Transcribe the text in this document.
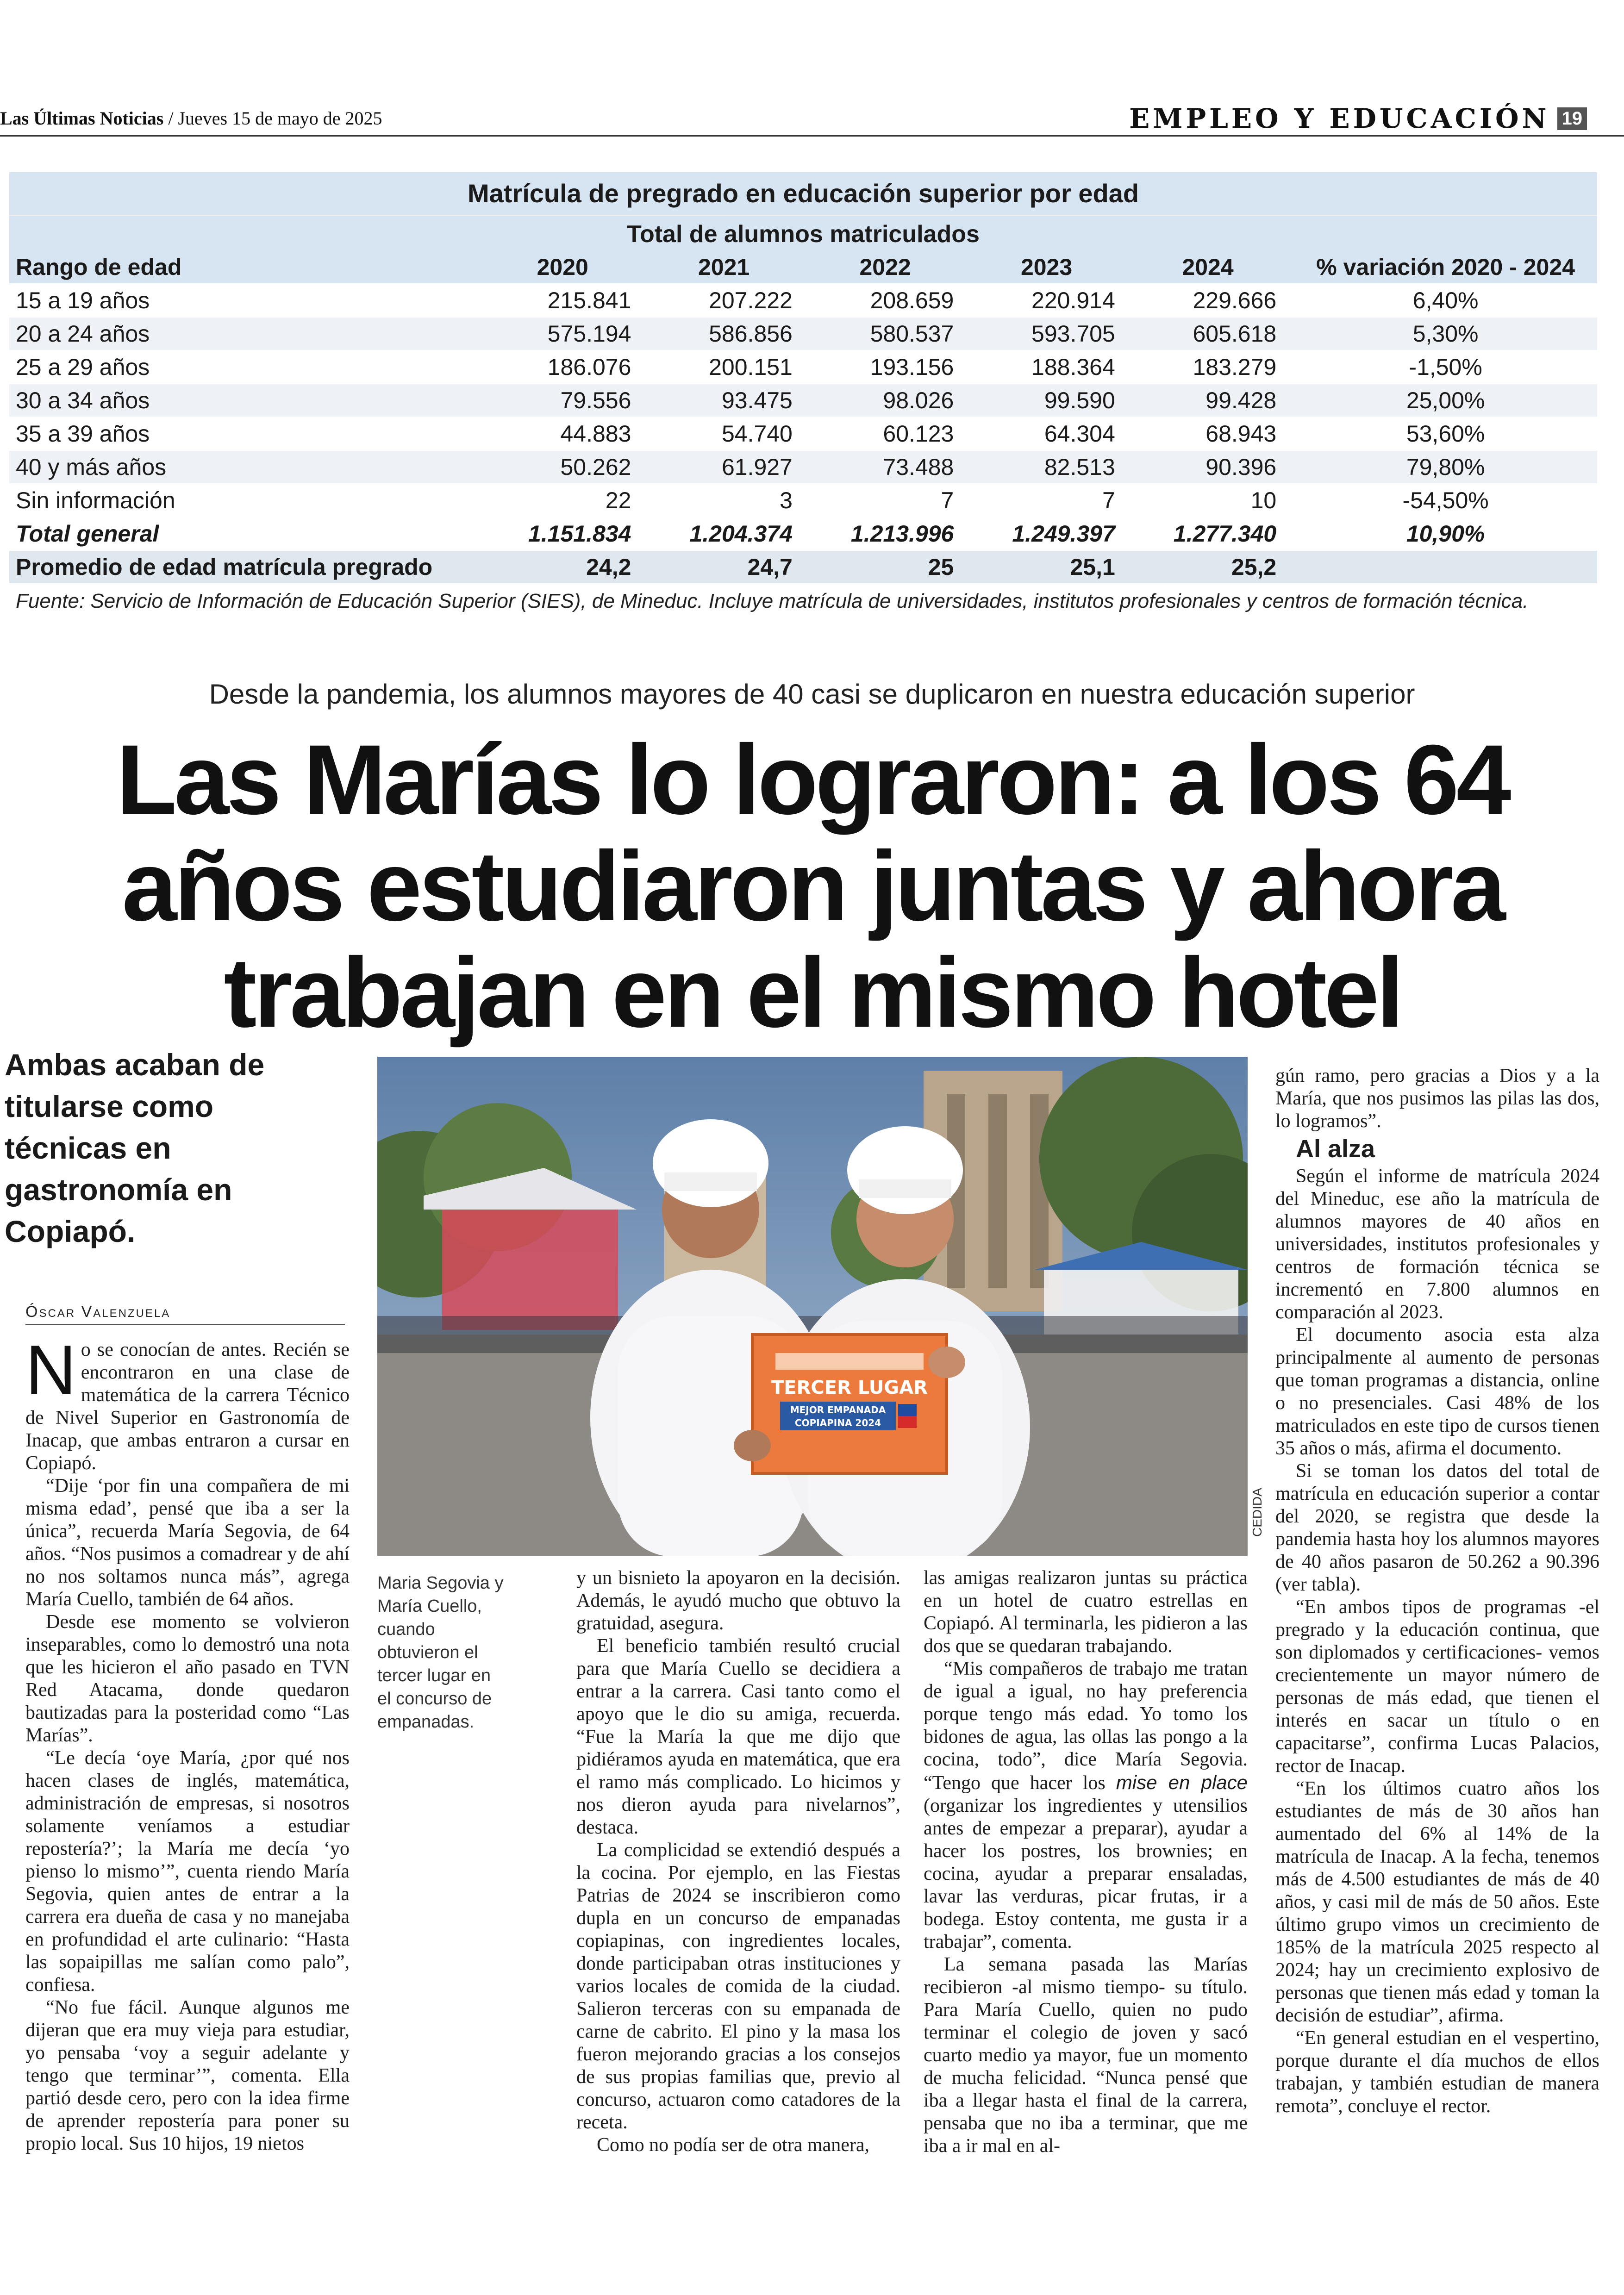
Las Últimas Noticias / Jueves 15 de mayo de 2025	EMPLEO Y EDUCACIÓN 19
Matrícula de pregrado en educación superior por edad
Total de alumnos matriculados
Rango de edad	2020	2021	2022	2023	2024	% variación 2020 - 2024
15 a 19 años	215.841	207.222	208.659	220.914	229.666	6,40%
20 a 24 años	575.194	586.856	580.537	593.705	605.618	5,30%
25 a 29 años	186.076	200.151	193.156	188.364	183.279	-1,50%
30 a 34 años	79.556	93.475	98.026	99.590	99.428	25,00%
35 a 39 años	44.883	54.740	60.123	64.304	68.943	53,60%
40 y más años	50.262	61.927	73.488	82.513	90.396	79,80%
Sin información	22	3	7	7	10	-54,50%
Total general	1.151.834	1.204.374	1.213.996	1.249.397	1.277.340	10,90%
Promedio de edad matrícula pregrado	24,2	24,7	25	25,1	25,2	
Fuente: Servicio de Información de Educación Superior (SIES), de Mineduc. Incluye matrícula de universidades, institutos profesionales y centros de formación técnica.
Desde la pandemia, los alumnos mayores de 40 casi se duplicaron en nuestra educación superior
Las Marías lo lograron: a los 64 años estudiaron juntas y ahora trabajan en el mismo hotel
Ambas acaban de titularse como técnicas en gastronomía en Copiapó.
Óscar Valenzuela
TERCER LUGAR
MEJOR EMPANADA
COPIAPINA 2024
CEDIDA
Maria Segovia y María Cuello, cuando obtuvieron el tercer lugar en el concurso de empanadas.

No se conocían de antes. Recién se encontraron en una clase de matemática de la carrera Técnico de Nivel Superior en Gastronomía de Inacap, que ambas entraron a cursar en Copiapó.

“Dije ‘por fin una compañera de mi misma edad’, pensé que iba a ser la única”, recuerda María Segovia, de 64 años. “Nos pusimos a comadrear y de ahí no nos soltamos nunca más”, agrega María Cuello, también de 64 años.

Desde ese momento se volvieron inseparables, como lo demostró una nota que les hicieron el año pasado en TVN Red Atacama, donde quedaron bautizadas para la posteridad como “Las Marías”.

“Le decía ‘oye María, ¿por qué nos hacen clases de inglés, matemática, administración de empresas, si nosotros solamente veníamos a estudiar repostería?’; la María me decía ‘yo pienso lo mismo’”, cuenta riendo María Segovia, quien antes de entrar a la carrera era dueña de casa y no manejaba en profundidad el arte culinario: “Hasta las sopaipillas me salían como palo”, confiesa.

“No fue fácil. Aunque algunos me dijeran que era muy vieja para estudiar, yo pensaba ‘voy a seguir adelante y tengo que terminar’”, comenta. Ella partió desde cero, pero con la idea firme de aprender repostería para poner su propio local. Sus 10 hijos, 19 nietos

y un bisnieto la apoyaron en la decisión. Además, le ayudó mucho que obtuvo la gratuidad, asegura.

El beneficio también resultó crucial para que María Cuello se decidiera a entrar a la carrera. Casi tanto como el apoyo que le dio su amiga, recuerda. “Fue la María la que me dijo que pidiéramos ayuda en matemática, que era el ramo más complicado. Lo hicimos y nos dieron ayuda para nivelarnos”, destaca.

La complicidad se extendió después a la cocina. Por ejemplo, en las Fiestas Patrias de 2024 se inscribieron como dupla en un concurso de empanadas copiapinas, con ingredientes locales, donde participaban otras instituciones y varios locales de comida de la ciudad. Salieron terceras con su empanada de carne de cabrito. El pino y la masa los fueron mejorando gracias a los consejos de sus propias familias que, previo al concurso, actuaron como catadores de la receta.

Como no podía ser de otra manera,

las amigas realizaron juntas su práctica en un hotel de cuatro estrellas en Copiapó. Al terminarla, les pidieron a las dos que se quedaran trabajando.

“Mis compañeros de trabajo me tratan de igual a igual, no hay preferencia porque tengo más edad. Yo tomo los bidones de agua, las ollas las pongo a la cocina, todo”, dice María Segovia. “Tengo que hacer los mise en place (organizar los ingredientes y utensilios antes de empezar a preparar), ayudar a hacer los postres, los brownies; en cocina, ayudar a preparar ensaladas, lavar las verduras, picar frutas, ir a bodega. Estoy contenta, me gusta ir a trabajar”, comenta.

La semana pasada las Marías recibieron -al mismo tiempo- su título. Para María Cuello, quien no pudo terminar el colegio de joven y sacó cuarto medio ya mayor, fue un momento de mucha felicidad. “Nunca pensé que iba a llegar hasta el final de la carrera, pensaba que no iba a terminar, que me iba a ir mal en al-

gún ramo, pero gracias a Dios y a la María, que nos pusimos las pilas las dos, lo logramos”.

Al alza

Según el informe de matrícula 2024 del Mineduc, ese año la matrícula de alumnos mayores de 40 años en universidades, institutos profesionales y centros de formación técnica se incrementó en 7.800 alumnos en comparación al 2023.

El documento asocia esta alza principalmente al aumento de personas que toman programas a distancia, online o no presenciales. Casi 48% de los matriculados en este tipo de cursos tienen 35 años o más, afirma el documento.

Si se toman los datos del total de matrícula en educación superior a contar del 2020, se registra que desde la pandemia hasta hoy los alumnos mayores de 40 años pasaron de 50.262 a 90.396 (ver tabla).

“En ambos tipos de programas -el pregrado y la educación continua, que son diplomados y certificaciones- vemos crecientemente un mayor número de personas de más edad, que tienen el interés en sacar un título o en capacitarse”, confirma Lucas Palacios, rector de Inacap.

“En los últimos cuatro años los estudiantes de más de 30 años han aumentado del 6% al 14% de la matrícula de Inacap. A la fecha, tenemos más de 4.500 estudiantes de más de 40 años, y casi mil de más de 50 años. Este último grupo vimos un crecimiento de 185% de la matrícula 2025 respecto al 2024; hay un crecimiento explosivo de personas que tienen más edad y toman la decisión de estudiar”, afirma.

“En general estudian en el vespertino, porque durante el día muchos de ellos trabajan, y también estudian de manera remota”, concluye el rector.
